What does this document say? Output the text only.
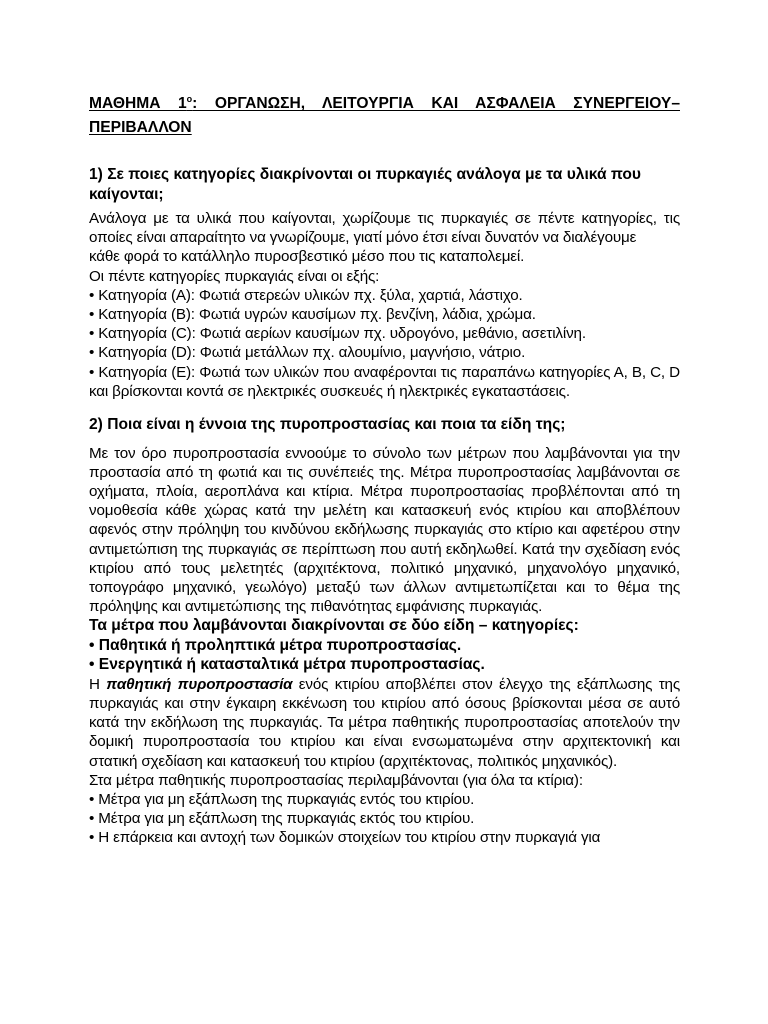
ΜΑΘΗΜΑ $1^o$: ΟΡΓΑΝΩΣΗ, ΛΕΙΤΟΥΡΓΙΑ ΚΑΙ ΑΣΦΑΛΕΙΑ ΣΥΝΕΡΓΕΙΟΥ– ΠΕΡΙΒΑΛΛΟΝ
1) Σε ποιες κατηγορίες διακρίνονται οι πυρκαγιές ανάλογα με τα υλικά που καίγονται;

Ανάλογα με τα υλικά που καίγονται, χωρίζουμε τις πυρκαγιές σε πέντε κατηγορίες, τις οποίες είναι απαραίτητο να γνωρίζουμε, γιατί μόνο έτσι είναι δυνατόν να διαλέγουμε

κάθε φορά το κατάλληλο πυροσβεστικό μέσο που τις καταπολεμεί.

Οι πέντε κατηγορίες πυρκαγιάς είναι οι εξής:

• Κατηγορία (Α): Φωτιά στερεών υλικών πχ. ξύλα, χαρτιά, λάστιχο.

• Κατηγορία (Β): Φωτιά υγρών καυσίμων πχ. βενζίνη, λάδια, χρώμα.

• Κατηγορία (C): Φωτιά αερίων καυσίμων πχ. υδρογόνο, μεθάνιο, ασετιλίνη.

• Κατηγορία (D): Φωτιά μετάλλων πχ. αλουμίνιο, μαγνήσιο, νάτριο.

• Κατηγορία (Ε): Φωτιά των υλικών που αναφέρονται τις παραπάνω κατηγορίες Α, Β, C, D και βρίσκονται κοντά σε ηλεκτρικές συσκευές ή ηλεκτρικές εγκαταστάσεις.

2) Ποια είναι η έννοια της πυροπροστασίας και ποια τα είδη της;

Με τον όρο πυροπροστασία εννοούμε το σύνολο των μέτρων που λαμβάνονται για την προστασία από τη φωτιά και τις συνέπειές της. Μέτρα πυροπροστασίας λαμβάνονται σε οχήματα, πλοία, αεροπλάνα και κτίρια. Μέτρα πυροπροστασίας προβλέπονται από τη νομοθεσία κάθε χώρας κατά την μελέτη και κατασκευή ενός κτιρίου και αποβλέπουν αφενός στην πρόληψη του κινδύνου εκδήλωσης πυρκαγιάς στο κτίριο και αφετέρου στην αντιμετώπιση της πυρκαγιάς σε περίπτωση που αυτή εκδηλωθεί. Κατά την σχεδίαση ενός κτιρίου από τους μελετητές (αρχιτέκτονα, πολιτικό μηχανικό, μηχανολόγο μηχανικό, τοπογράφο μηχανικό, γεωλόγο) μεταξύ των άλλων αντιμετωπίζεται και το θέμα της πρόληψης και αντιμετώπισης της πιθανότητας εμφάνισης πυρκαγιάς.

Τα μέτρα που λαμβάνονται διακρίνονται σε δύο είδη – κατηγορίες:

• Παθητικά ή προληπτικά μέτρα πυροπροστασίας.

• Ενεργητικά ή κατασταλτικά μέτρα πυροπροστασίας.

Η παθητική πυροπροστασία ενός κτιρίου αποβλέπει στον έλεγχο της εξάπλωσης της πυρκαγιάς και στην έγκαιρη εκκένωση του κτιρίου από όσους βρίσκονται μέσα σε αυτό κατά την εκδήλωση της πυρκαγιάς. Τα μέτρα παθητικής πυροπροστασίας αποτελούν την δομική πυροπροστασία του κτιρίου και είναι ενσωματωμένα στην αρχιτεκτονική και στατική σχεδίαση και κατασκευή του κτιρίου (αρχιτέκτονας, πολιτικός μηχανικός).

Στα μέτρα παθητικής πυροπροστασίας περιλαμβάνονται (για όλα τα κτίρια):

• Μέτρα για μη εξάπλωση της πυρκαγιάς εντός του κτιρίου.

• Μέτρα για μη εξάπλωση της πυρκαγιάς εκτός του κτιρίου.

• Η επάρκεια και αντοχή των δομικών στοιχείων του κτιρίου στην πυρκαγιά για
